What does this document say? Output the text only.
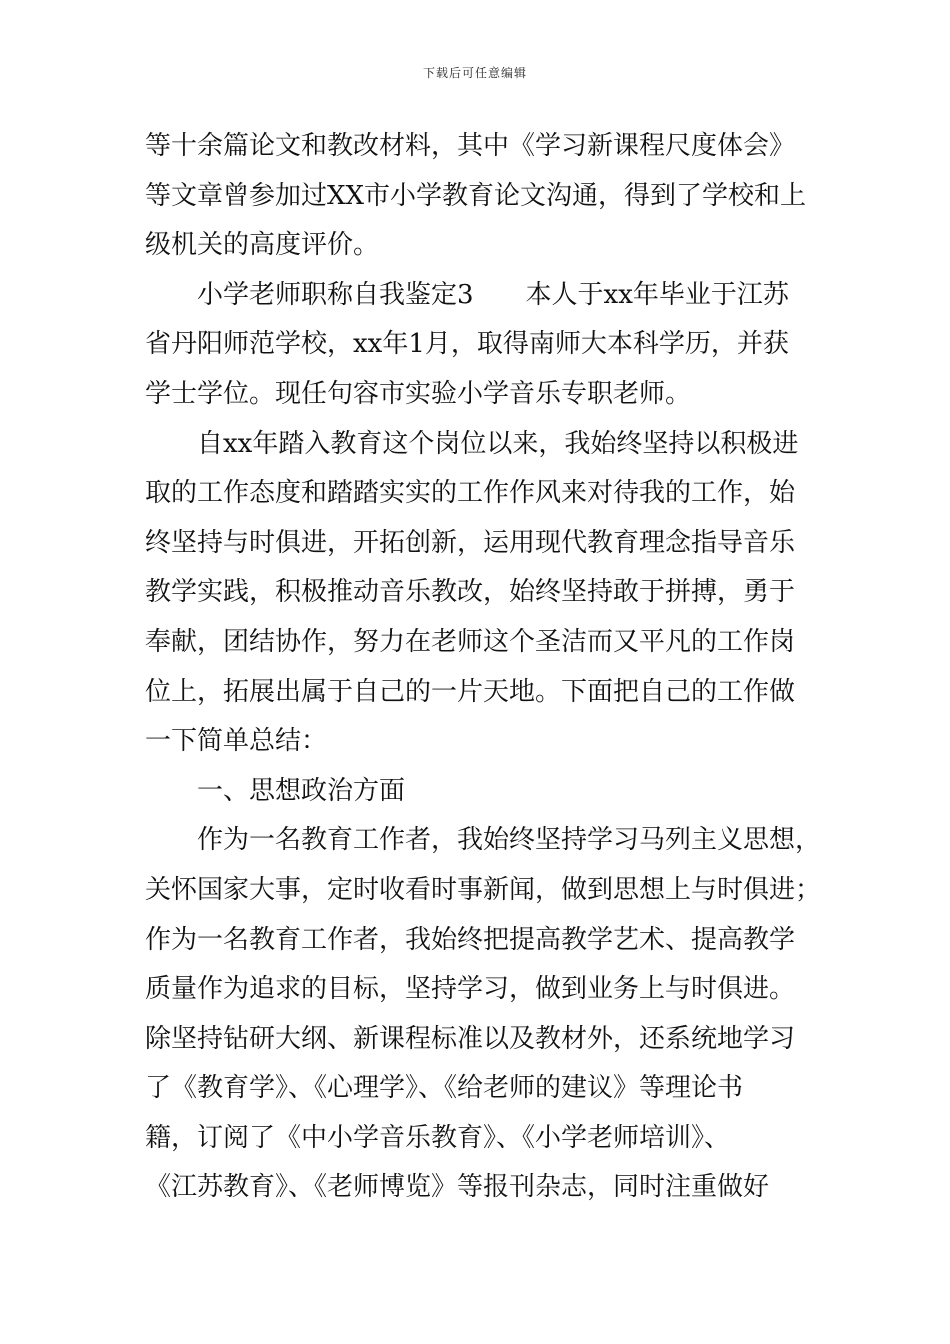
下载后可任意编辑
等十余篇论文和教改材料，其中《学习新课程尺度体会》
等文章曾参加过XX市小学教育论文沟通，得到了学校和上
级机关的高度评价。
小学老师职称自我鉴定3 本人于xx年毕业于江苏
省丹阳师范学校，xx年1月，取得南师大本科学历，并获
学士学位。现任句容市实验小学音乐专职老师。
自xx年踏入教育这个岗位以来，我始终坚持以积极进
取的工作态度和踏踏实实的工作作风来对待我的工作，始
终坚持与时俱进，开拓创新，运用现代教育理念指导音乐
教学实践，积极推动音乐教改，始终坚持敢于拼搏，勇于
奉献，团结协作，努力在老师这个圣洁而又平凡的工作岗
位上，拓展出属于自己的一片天地。下面把自己的工作做
一下简单总结：
一、思想政治方面
作为一名教育工作者，我始终坚持学习马列主义思想，
关怀国家大事，定时收看时事新闻，做到思想上与时俱进；
作为一名教育工作者，我始终把提高教学艺术、提高教学
质量作为追求的目标，坚持学习，做到业务上与时俱进。
除坚持钻研大纲、新课程标准以及教材外，还系统地学习
了《教育学》、《心理学》、《给老师的建议》等理论书
籍，订阅了《中小学音乐教育》、《小学老师培训》、
《江苏教育》、《老师博览》等报刊杂志，同时注重做好
